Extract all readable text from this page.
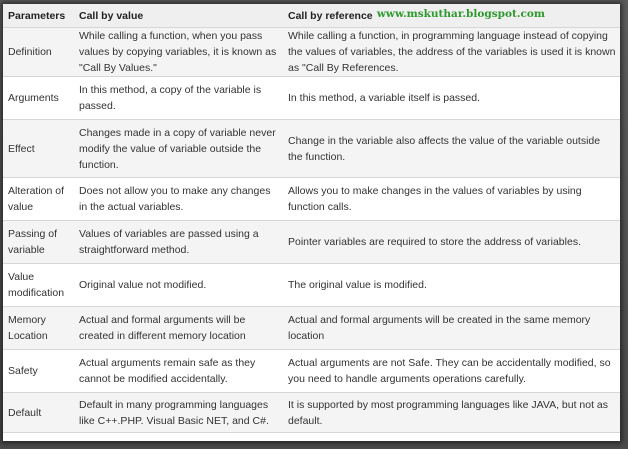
Parameters	Call by value	Call by reference
Definition	While calling a function, when you pass values by copying variables, it is known as "Call By Values."	While calling a function, in programming language instead of copying the values of variables, the address of the variables is used it is known as "Call By References.
Arguments	In this method, a copy of the variable is passed.	In this method, a variable itself is passed.
Effect	Changes made in a copy of variable never modify the value of variable outside the function.	Change in the variable also affects the value of the variable outside the function.
Alteration of value	Does not allow you to make any changes in the actual variables.	Allows you to make changes in the values of variables by using function calls.
Passing of variable	Values of variables are passed using a straightforward method.	Pointer variables are required to store the address of variables.
Value modification	Original value not modified.	The original value is modified.
Memory Location	Actual and formal arguments will be created in different memory location	Actual and formal arguments will be created in the same memory location
Safety	Actual arguments remain safe as they cannot be modified accidentally.	Actual arguments are not Safe. They can be accidentally modified, so you need to handle arguments operations carefully.
Default	Default in many programming languages like C++.PHP. Visual Basic NET, and C#.	It is supported by most programming languages like JAVA, but not as default.
www.mskuthar.blogspot.com
